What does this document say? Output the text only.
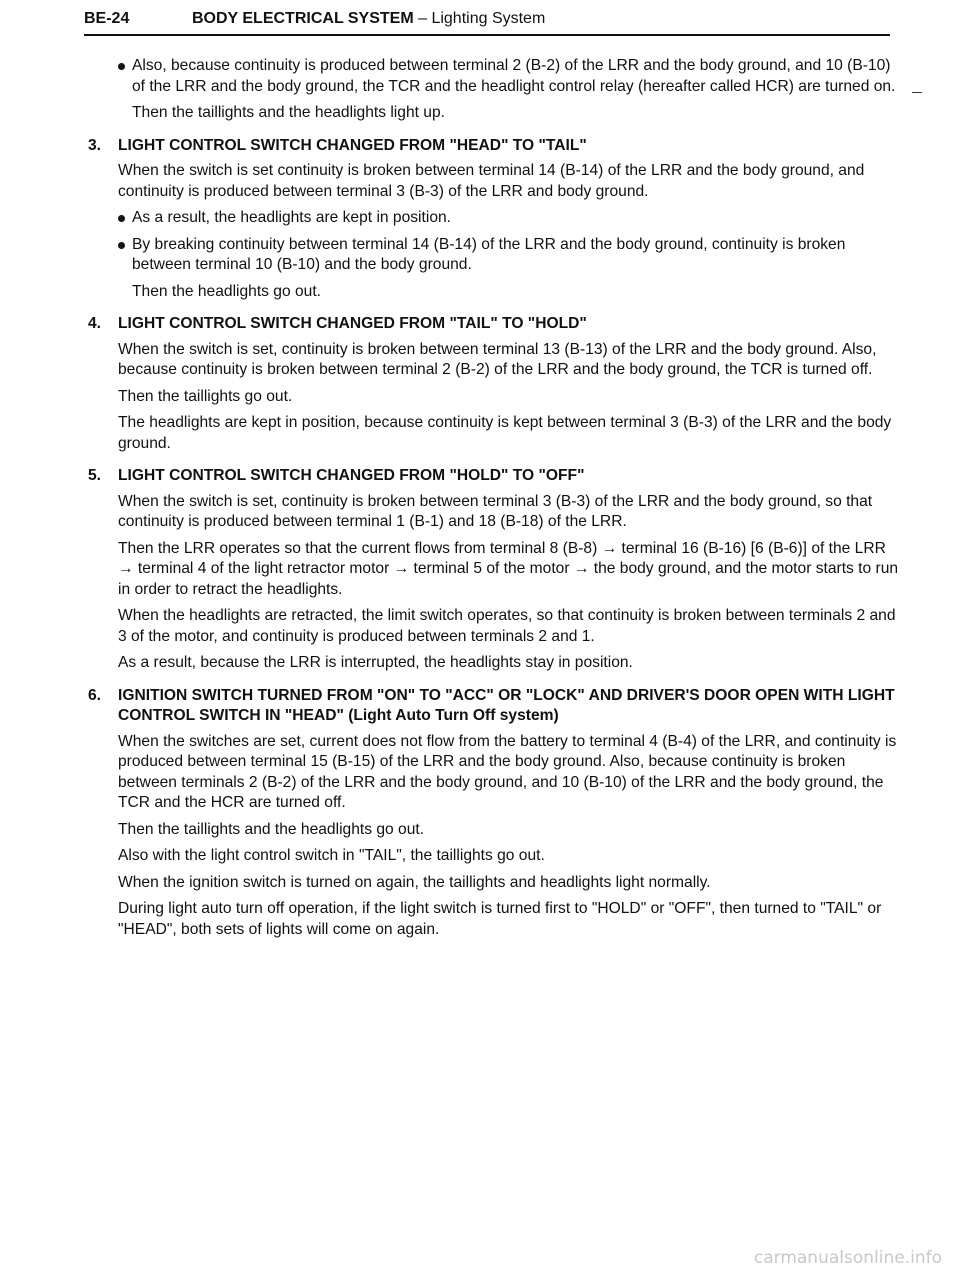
BE-24	BODY ELECTRICAL SYSTEM – Lighting System
Also, because continuity is produced between terminal 2 (B-2) of the LRR and the body ground, and 10 (B-10) of the LRR and the body ground, the TCR and the headlight control relay (hereafter called HCR) are turned on.

Then the taillights and the headlights light up.

3. LIGHT CONTROL SWITCH CHANGED FROM "HEAD" TO "TAIL"

When the switch is set continuity is broken between terminal 14 (B-14) of the LRR and the body ground, and continuity is produced between terminal 3 (B-3) of the LRR and body ground.

As a result, the headlights are kept in position.
By breaking continuity between terminal 14 (B-14) of the LRR and the body ground, continuity is broken between terminal 10 (B-10) and the body ground.

Then the headlights go out.

4. LIGHT CONTROL SWITCH CHANGED FROM "TAIL" TO "HOLD"

When the switch is set, continuity is broken between terminal 13 (B-13) of the LRR and the body ground. Also, because continuity is broken between terminal 2 (B-2) of the LRR and the body ground, the TCR is turned off.

Then the taillights go out.

The headlights are kept in position, because continuity is kept between terminal 3 (B-3) of the LRR and the body ground.

5. LIGHT CONTROL SWITCH CHANGED FROM "HOLD" TO "OFF"

When the switch is set, continuity is broken between terminal 3 (B-3) of the LRR and the body ground, so that continuity is produced between terminal 1 (B-1) and 18 (B-18) of the LRR.

Then the LRR operates so that the current flows from terminal 8 (B-8) → terminal 16 (B-16) [6 (B-6)] of the LRR → terminal 4 of the light retractor motor → terminal 5 of the motor → the body ground, and the motor starts to run in order to retract the headlights.

When the headlights are retracted, the limit switch operates, so that continuity is broken between terminals 2 and 3 of the motor, and continuity is produced between terminals 2 and 1.

As a result, because the LRR is interrupted, the headlights stay in position.

6. IGNITION SWITCH TURNED FROM "ON" TO "ACC" OR "LOCK" AND DRIVER'S DOOR OPEN WITH LIGHT CONTROL SWITCH IN "HEAD" (Light Auto Turn Off system)

When the switches are set, current does not flow from the battery to terminal 4 (B-4) of the LRR, and continuity is produced between terminal 15 (B-15) of the LRR and the body ground. Also, because continuity is broken between terminals 2 (B-2) of the LRR and the body ground, and 10 (B-10) of the LRR and the body ground, the TCR and the HCR are turned off.

Then the taillights and the headlights go out.

Also with the light control switch in "TAIL", the taillights go out.

When the ignition switch is turned on again, the taillights and headlights light normally.

During light auto turn off operation, if the light switch is turned first to "HOLD" or "OFF", then turned to "TAIL" or "HEAD", both sets of lights will come on again.

carmanualsonline.info
